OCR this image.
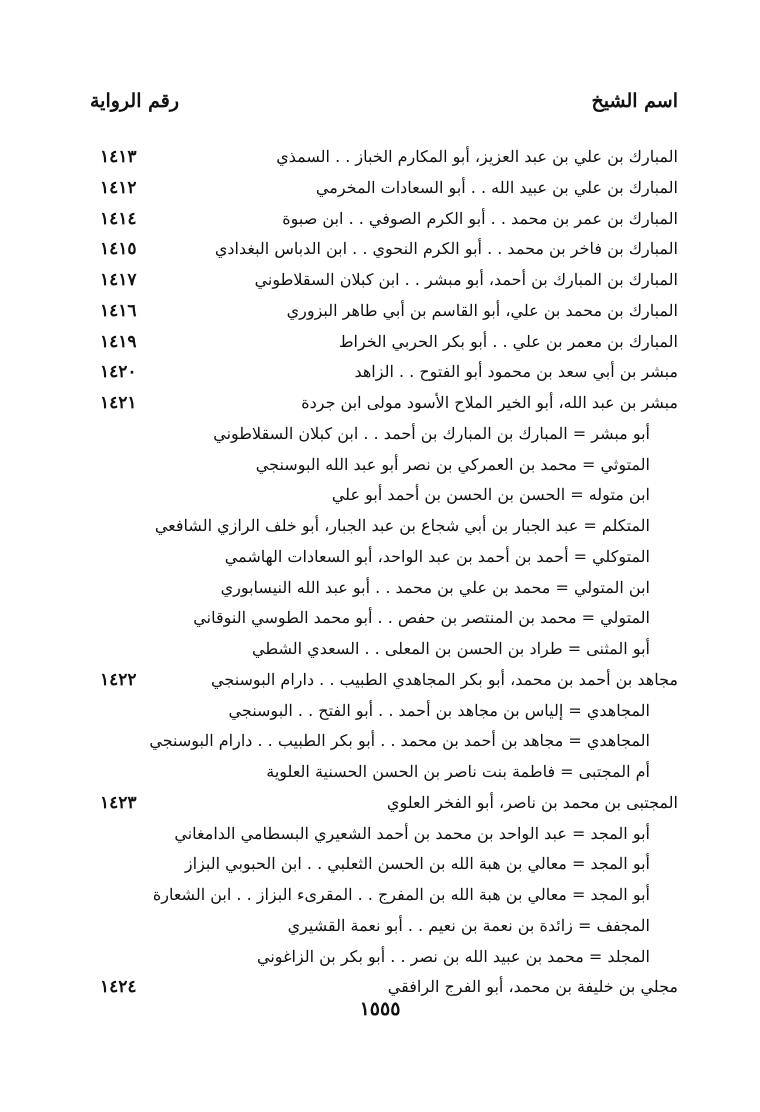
اسم الشيخ
رقم الرواية
المبارك بن علي بن عبد العزيز، أبو المكارم الخباز . . السمذي
١٤١٣
المبارك بن علي بن عبيد الله . . أبو السعادات المخرمي
١٤١٢
المبارك بن عمر بن محمد . . أبو الكرم الصوفي . . ابن صبوة
١٤١٤
المبارك بن فاخر بن محمد . . أبو الكرم النحوي . . ابن الدباس البغدادي
١٤١٥
المبارك بن المبارك بن أحمد، أبو مبشر . . ابن كبلان السقلاطوني
١٤١٧
المبارك بن محمد بن علي، أبو القاسم بن أبي طاهر البزوري
١٤١٦
المبارك بن معمر بن علي . . أبو بكر الحربي الخراط
١٤١٩
مبشر بن أبي سعد بن محمود أبو الفتوح . . الزاهد
١٤٢٠
مبشر بن عبد الله، أبو الخير الملاح الأسود مولى ابن جردة
١٤٢١
أبو مبشر = المبارك بن المبارك بن أحمد . . ابن كبلان السقلاطوني
المتوثي = محمد بن العمركي بن نصر أبو عبد الله البوسنجي
ابن متوله = الحسن بن الحسن بن أحمد أبو علي
المتكلم = عبد الجبار بن أبي شجاع بن عبد الجبار، أبو خلف الرازي الشافعي
المتوكلي = أحمد بن أحمد بن عبد الواحد، أبو السعادات الهاشمي
ابن المتولي = محمد بن علي بن محمد . . أبو عبد الله النيسابوري
المتولي = محمد بن المنتصر بن حفص . . أبو محمد الطوسي النوقاني
أبو المثنى = طراد بن الحسن بن المعلى . . السعدي الشطي
مجاهد بن أحمد بن محمد، أبو بكر المجاهدي الطبيب . . دارام البوسنجي
١٤٢٢
المجاهدي = إلياس بن مجاهد بن أحمد . . أبو الفتح . . البوسنجي
المجاهدي = مجاهد بن أحمد بن محمد . . أبو بكر الطبيب . . دارام البوسنجي
أم المجتبى = فاطمة بنت ناصر بن الحسن الحسنية العلوية
المجتبى بن محمد بن ناصر، أبو الفخر العلوي
١٤٢٣
أبو المجد = عبد الواحد بن محمد بن أحمد الشعيري البسطامي الدامغاني
أبو المجد = معالي بن هبة الله بن الحسن الثعلبي . . ابن الحبوبي البزاز
أبو المجد = معالي بن هبة الله بن المفرج . . المقرىء البزاز . . ابن الشعارة
المجفف = زائدة بن نعمة بن نعيم . . أبو نعمة القشيري
المجلد = محمد بن عبيد الله بن نصر . . أبو بكر بن الزاغوني
مجلي بن خليفة بن محمد، أبو الفرج الرافقي
١٤٢٤
١٥٥٥
